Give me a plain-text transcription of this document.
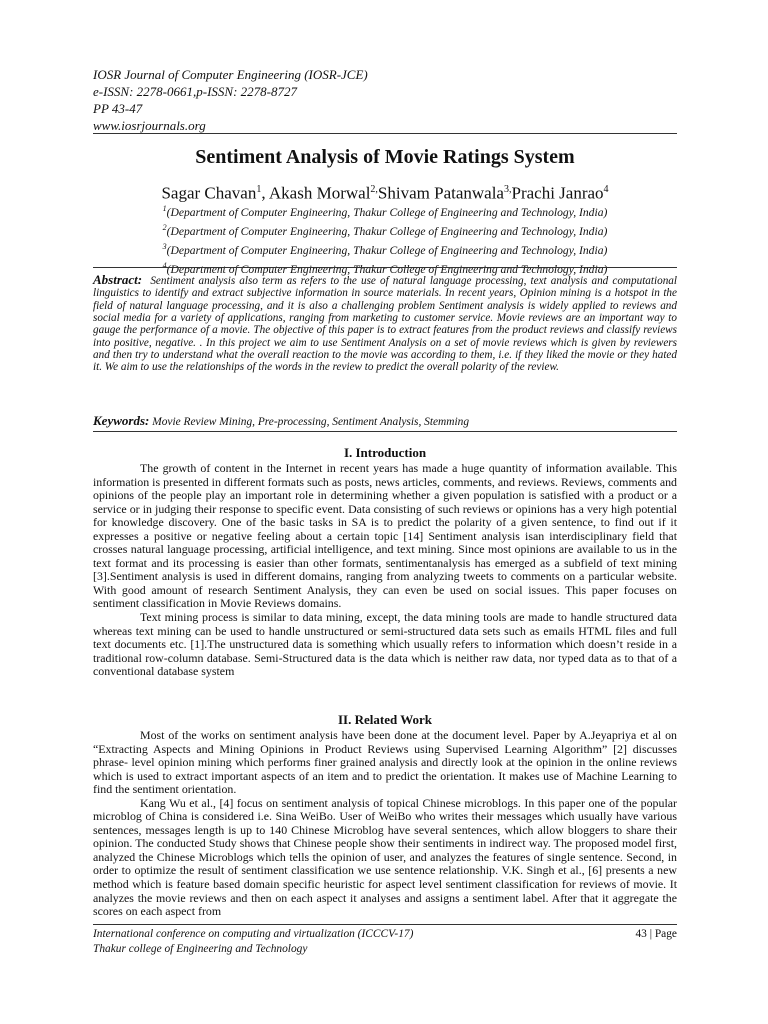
IOSR Journal of Computer Engineering (IOSR-JCE)
e-ISSN: 2278-0661,p-ISSN: 2278-8727
PP 43-47
www.iosrjournals.org
Sentiment Analysis of Movie Ratings System
Sagar Chavan$^1$, Akash Morwal$^{2,}$Shivam Patanwala$^{3,}$Prachi Janrao$^4$
$^1$(Department of Computer Engineering, Thakur College of Engineering and Technology, India)
$^2$(Department of Computer Engineering, Thakur College of Engineering and Technology, India)
$^3$(Department of Computer Engineering, Thakur College of Engineering and Technology, India)
$^4$(Department of Computer Engineering, Thakur College of Engineering and Technology, India)
Abstract: Sentiment analysis also term as refers to the use of natural language processing, text analysis and computational linguistics to identify and extract subjective information in source materials. In recent years, Opinion mining is a hotspot in the field of natural language processing, and it is also a challenging problem Sentiment analysis is widely applied to reviews and social media for a variety of applications, ranging from marketing to customer service. Movie reviews are an important way to gauge the performance of a movie. The objective of this paper is to extract features from the product reviews and classify reviews into positive, negative. . In this project we aim to use Sentiment Analysis on a set of movie reviews which is given by reviewers and then try to understand what the overall reaction to the movie was according to them, i.e. if they liked the movie or they hated it. We aim to use the relationships of the words in the review to predict the overall polarity of the review.
Keywords: Movie Review Mining, Pre-processing, Sentiment Analysis, Stemming
I. Introduction

The growth of content in the Internet in recent years has made a huge quantity of information available. This information is presented in different formats such as posts, news articles, comments, and reviews. Reviews, comments and opinions of the people play an important role in determining whether a given population is satisfied with a product or a service or in judging their response to specific event. Data consisting of such reviews or opinions has a very high potential for knowledge discovery. One of the basic tasks in SA is to predict the polarity of a given sentence, to find out if it expresses a positive or negative feeling about a certain topic [14] Sentiment analysis isan interdisciplinary field that crosses natural language processing, artificial intelligence, and text mining. Since most opinions are available to us in the text format and its processing is easier than other formats, sentimentanalysis has emerged as a subfield of text mining [3].Sentiment analysis is used in different domains, ranging from analyzing tweets to comments on a particular website. With good amount of research Sentiment Analysis, they can even be used on social issues. This paper focuses on sentiment classification in Movie Reviews domains.

Text mining process is similar to data mining, except, the data mining tools are made to handle structured data whereas text mining can be used to handle unstructured or semi-structured data sets such as emails HTML files and full text documents etc. [1].The unstructured data is something which usually refers to information which doesn’t reside in a traditional row-column database. Semi-Structured data is the data which is neither raw data, nor typed data as to that of a conventional database system

II. Related Work

Most of the works on sentiment analysis have been done at the document level. Paper by A.Jeyapriya et al on “Extracting Aspects and Mining Opinions in Product Reviews using Supervised Learning Algorithm” [2] discusses phrase- level opinion mining which performs finer grained analysis and directly look at the opinion in the online reviews which is used to extract important aspects of an item and to predict the orientation. It makes use of Machine Learning to find the sentiment orientation.

Kang Wu et al., [4] focus on sentiment analysis of topical Chinese microblogs. In this paper one of the popular microblog of China is considered i.e. Sina WeiBo. User of WeiBo who writes their messages which usually have various sentences, messages length is up to 140 Chinese Microblog have several sentences, which allow bloggers to share their opinion. The conducted Study shows that Chinese people show their sentiments in indirect way. The proposed model first, analyzed the Chinese Microblogs which tells the opinion of user, and analyzes the features of single sentence. Second, in order to optimize the result of sentiment classification we use sentence relationship. V.K. Singh et al., [6] presents a new method which is feature based domain specific heuristic for aspect level sentiment classification for reviews of movie. It analyzes the movie reviews and then on each aspect it analyses and assigns a sentiment label. After that it aggregate the scores on each aspect from

International conference on computing and virtualization (ICCCV-17)
Thakur college of Engineering and Technology
43 | Page
